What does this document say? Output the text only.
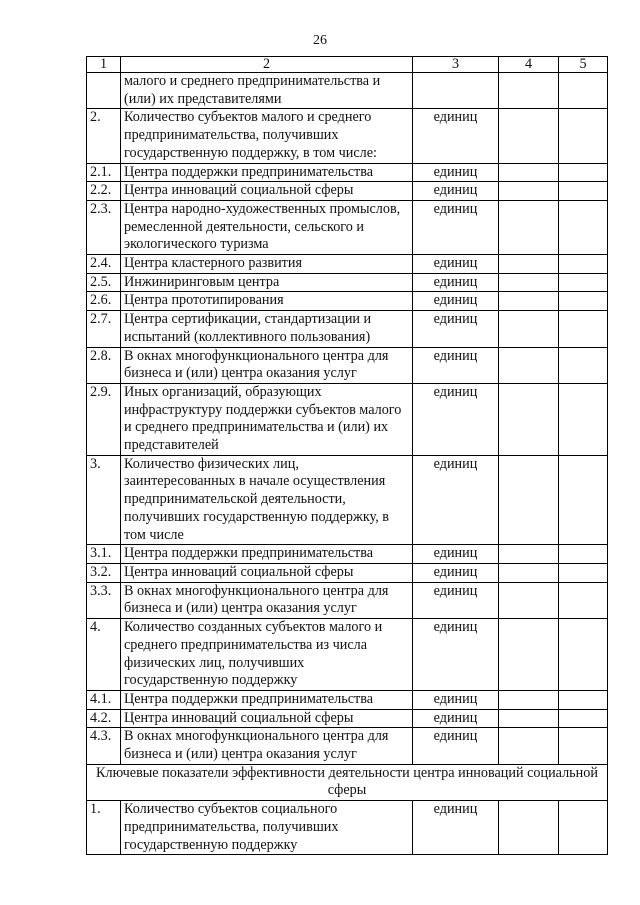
26
1	2	3	4	5
	малого и среднего предпринимательства и (или) их представителями			
2.	Количество субъектов малого и среднего предпринимательства, получивших государственную поддержку, в том числе:	единиц		
2.1.	Центра поддержки предпринимательства	единиц		
2.2.	Центра инноваций социальной сферы	единиц		
2.3.	Центра народно-художественных промыслов, ремесленной деятельности, сельского и экологического туризма	единиц		
2.4.	Центра кластерного развития	единиц		
2.5.	Инжиниринговым центра	единиц		
2.6.	Центра прототипирования	единиц		
2.7.	Центра сертификации, стандартизации и испытаний (коллективного пользования)	единиц		
2.8.	В окнах многофункционального центра для бизнеса и (или) центра оказания услуг	единиц		
2.9.	Иных организаций, образующих инфраструктуру поддержки субъектов малого и среднего предпринимательства и (или) их представителей	единиц		
3.	Количество физических лиц, заинтересованных в начале осуществления предпринимательской деятельности, получивших государственную поддержку, в том числе	единиц		
3.1.	Центра поддержки предпринимательства	единиц		
3.2.	Центра инноваций социальной сферы	единиц		
3.3.	В окнах многофункционального центра для бизнеса и (или) центра оказания услуг	единиц		
4.	Количество созданных субъектов малого и среднего предпринимательства из числа физических лиц, получивших государственную поддержку	единиц		
4.1.	Центра поддержки предпринимательства	единиц		
4.2.	Центра инноваций социальной сферы	единиц		
4.3.	В окнах многофункционального центра для бизнеса и (или) центра оказания услуг	единиц		
Ключевые показатели эффективности деятельности центра инноваций социальной сферы				
1.	Количество субъектов социального предпринимательства, получивших государственную поддержку	единиц		
